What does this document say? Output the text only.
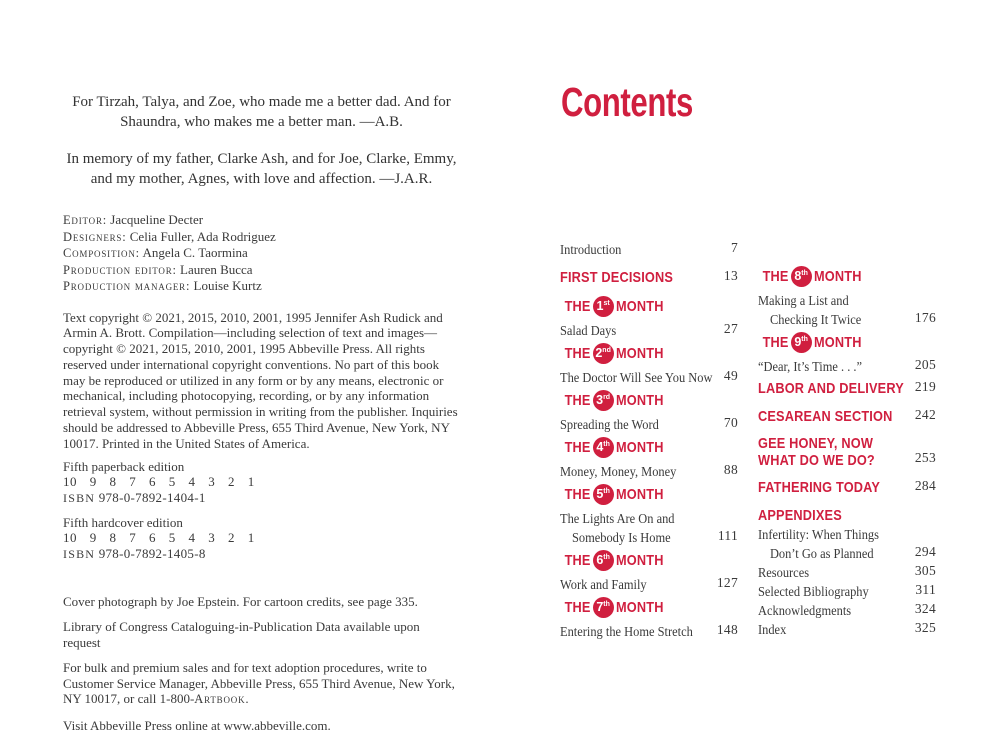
For Tirzah, Talya, and Zoe, who made me a better dad. And for
Shaundra, who makes me a better man. —A.B.
In memory of my father, Clarke Ash, and for Joe, Clarke, Emmy,
and my mother, Agnes, with love and affection. —J.A.R.
Editor: Jacqueline Decter
Designers: Celia Fuller, Ada Rodriguez
Composition: Angela C. Taormina
Production editor: Lauren Bucca
Production manager: Louise Kurtz

Text copyright © 2021, 2015, 2010, 2001, 1995 Jennifer Ash Rudick and Armin A. Brott. Compilation—including selection of text and images—copyright © 2021, 2015, 2010, 2001, 1995 Abbeville Press. All rights reserved under international copyright conventions. No part of this book may be reproduced or utilized in any form or by any means, electronic or mechanical, including photocopying, recording, or by any information retrieval system, without permission in writing from the publisher. Inquiries should be addressed to Abbeville Press, 655 Third Avenue, New York, NY 10017. Printed in the United States of America.

Fifth paperback edition
10 9 8 7 6 5 4 3 2 1
ISBN 978-0-7892-1404-1
Fifth hardcover edition
10 9 8 7 6 5 4 3 2 1
ISBN 978-0-7892-1405-8

Cover photograph by Joe Epstein. For cartoon credits, see page 335.

Library of Congress Cataloguing-in-Publication Data available upon request

For bulk and premium sales and for text adoption procedures, write to Customer Service Manager, Abbeville Press, 655 Third Avenue, New York, NY 10017, or call 1-800-Artbook.

Visit Abbeville Press online at www.abbeville.com.

Contents
Introduction	7
FIRST DECISIONS	13
THE 1 st MONTH
Salad Days	27
THE 2 nd MONTH
The Doctor Will See You Now 49
THE 3 rd MONTH
Spreading the Word	70
THE 4 th MONTH
Money, Money, Money	88
THE 5 th MONTH
The Lights Are On and
Somebody Is Home	111
THE 6 th MONTH
Work and Family	127
THE 7 th MONTH
Entering the Home Stretch 148
THE 8 th MONTH
Making a List and
Checking It Twice	176
THE 9 th MONTH
“Dear, It’s Time . . .”	205
LABOR AND DELIVERY 219
CESAREAN SECTION 242
GEE HONEY, NOW
WHAT DO WE DO?	253
FATHERING TODAY	284
APPENDIXES
Infertility: When Things
Don’t Go as Planned	294
Resources	305
Selected Bibliography	311
Acknowledgments	324
Index	325
